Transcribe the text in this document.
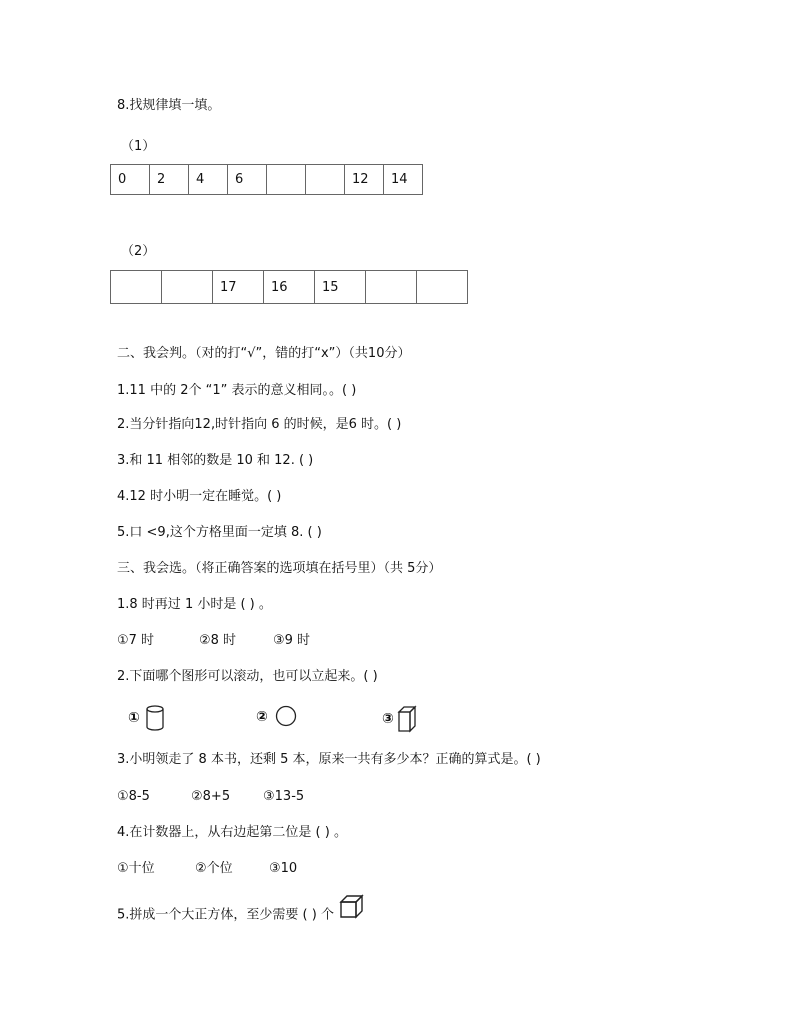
8.找规律填一填。
（1）
0	2	4	6			12	14
（2）
		17	16	15		
二、我会判。（对的打“√”，错的打“x”）（共10分）
1.11 中的 2个 “1” 表示的意义相同。。( )
2.当分针指向12,时针指向 6 的时候，是6 时。( )
3.和 11 相邻的数是 10 和 12. ( )
4.12 时小明一定在睡觉。( )
5.口 <9,这个方格里面一定填 8. ( )
三、我会选。（将正确答案的选项填在括号里）（共 5分）
1.8 时再过 1 小时是 ( ) 。
①7 时	②8 时	③9 时
2.下面哪个图形可以滚动，也可以立起来。( )
①	②	③
3.小明领走了 8 本书，还剩 5 本，原来一共有多少本？正确的算式是。( )
①8-5	②8+5	③13-5
4.在计数器上，从右边起第二位是 ( ) 。
①十位	②个位	③10
5.拼成一个大正方体，至少需要 ( ) 个
